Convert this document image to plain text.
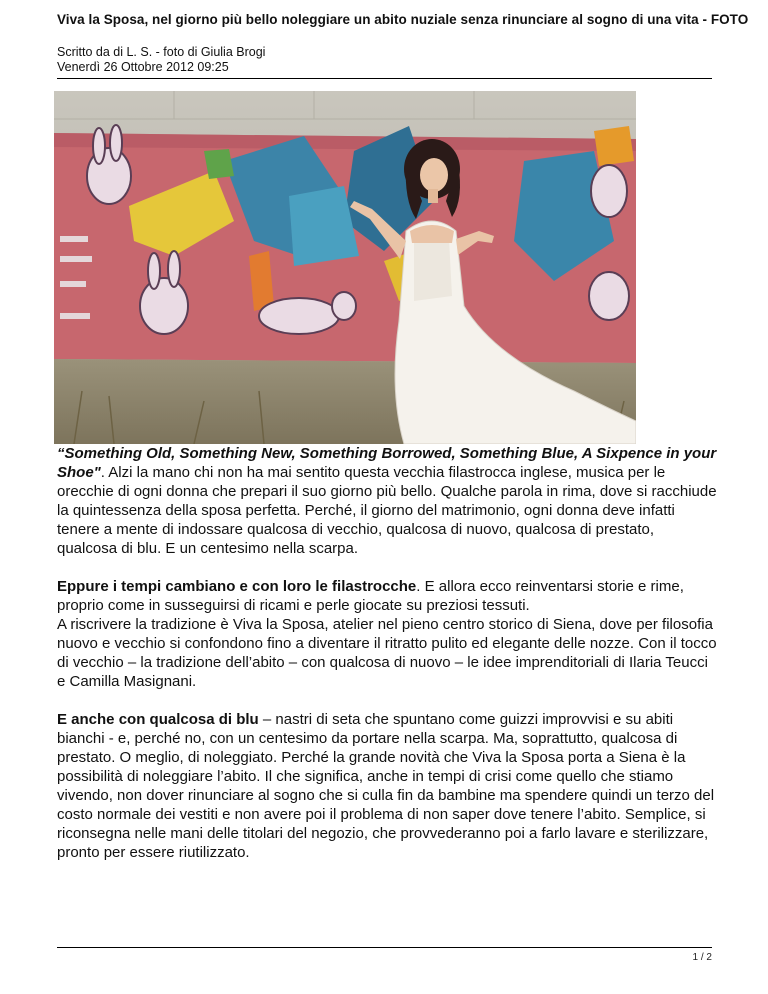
Viva la Sposa, nel giorno più bello noleggiare un abito nuziale senza rinunciare al sogno di una vita - FOTO
Scritto da di L. S. - foto di Giulia Brogi
Venerdì 26 Ottobre 2012 09:25

“Something Old, Something New, Something Borrowed, Something Blue, A Sixpence in your Shoe". Alzi la mano chi non ha mai sentito questa vecchia filastrocca inglese, musica per le orecchie di ogni donna che prepari il suo giorno più bello. Qualche parola in rima, dove si racchiude la quintessenza della sposa perfetta. Perché, il giorno del matrimonio, ogni donna deve infatti tenere a mente di indossare qualcosa di vecchio, qualcosa di nuovo, qualcosa di prestato, qualcosa di blu. E un centesimo nella scarpa.

Eppure i tempi cambiano e con loro le filastrocche. E allora ecco reinventarsi storie e rime, proprio come in susseguirsi di ricami e perle giocate su preziosi tessuti.

A riscrivere la tradizione è Viva la Sposa, atelier nel pieno centro storico di Siena, dove per filosofia nuovo e vecchio si confondono fino a diventare il ritratto pulito ed elegante delle nozze. Con il tocco di vecchio – la tradizione dell’abito – con qualcosa di nuovo – le idee imprenditoriali di Ilaria Teucci e Camilla Masignani.

E anche con qualcosa di blu – nastri di seta che spuntano come guizzi improvvisi e su abiti bianchi - e, perché no, con un centesimo da portare nella scarpa. Ma, soprattutto, qualcosa di prestato. O meglio, di noleggiato. Perché la grande novità che Viva la Sposa porta a Siena è la possibilità di noleggiare l’abito. Il che significa, anche in tempi di crisi come quello che stiamo vivendo, non dover rinunciare al sogno che si culla fin da bambine ma spendere quindi un terzo del costo normale dei vestiti e non avere poi il problema di non saper dove tenere l’abito. Semplice, si riconsegna nelle mani delle titolari del negozio, che provvederanno poi a farlo lavare e sterilizzare, pronto per essere riutilizzato.

1 / 2
